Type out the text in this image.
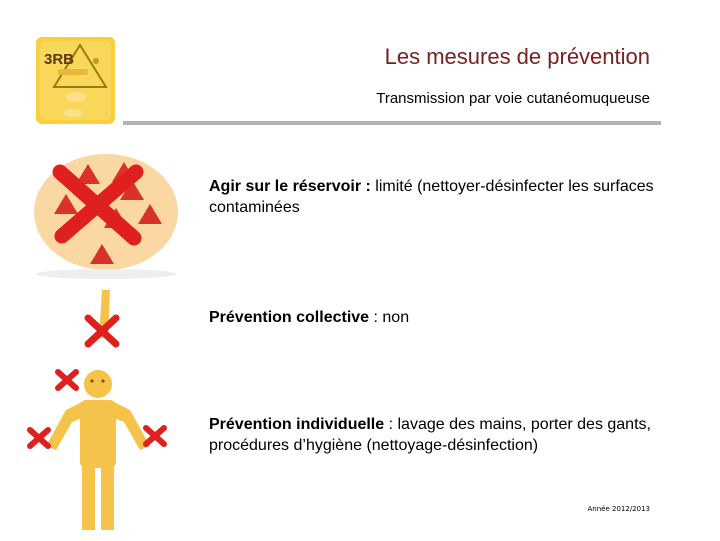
3RB	Les mesures de prévention
Transmission par voie cutanéomuqueuse
Agir sur le réservoir : limité (nettoyer-désinfecter les surfaces contaminées
Prévention collective : non
Prévention individuelle : lavage des mains, porter des gants, procédures d’hygiène (nettoyage-désinfection)
Année 2012/2013
